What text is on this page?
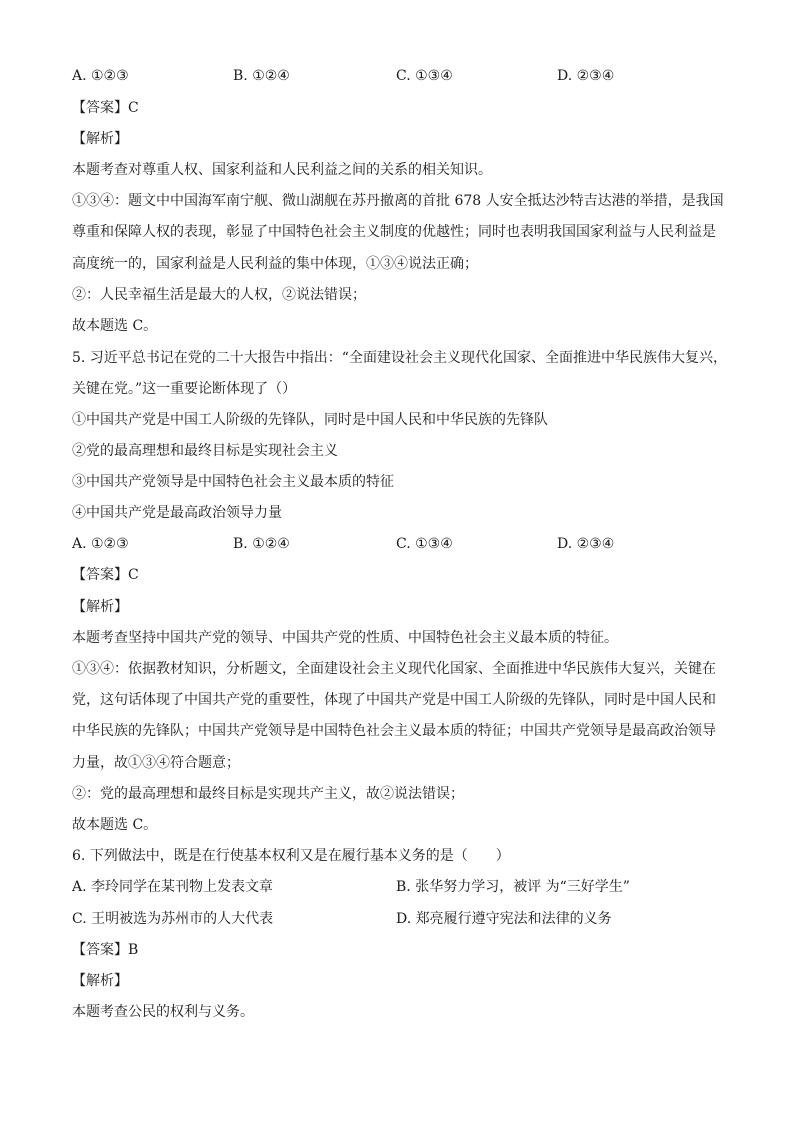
A. ①②③	B. ①②④	C. ①③④	D. ②③④
【答案】C
【解析】
本题考查对尊重人权、国家利益和人民利益之间的关系的相关知识。
①③④：题文中中国海军南宁舰、微山湖舰在苏丹撤离的首批 678 人安全抵达沙特吉达港的举措，是我国
尊重和保障人权的表现，彰显了中国特色社会主义制度的优越性；同时也表明我国国家利益与人民利益是
高度统一的，国家利益是人民利益的集中体现，①③④说法正确；
②：人民幸福生活是最大的人权，②说法错误；
故本题选 C。
5. 习近平总书记在党的二十大报告中指出：“全面建设社会主义现代化国家、全面推进中华民族伟大复兴，
关键在党。”这一重要论断体现了（）
①中国共产党是中国工人阶级的先锋队，同时是中国人民和中华民族的先锋队
②党的最高理想和最终目标是实现社会主义
③中国共产党领导是中国特色社会主义最本质的特征
④中国共产党是最高政治领导力量
A. ①②③	B. ①②④	C. ①③④	D. ②③④
【答案】C
【解析】
本题考查坚持中国共产党的领导、中国共产党的性质、中国特色社会主义最本质的特征。
①③④：依据教材知识，分析题文，全面建设社会主义现代化国家、全面推进中华民族伟大复兴，关键在
党，这句话体现了中国共产党的重要性，体现了中国共产党是中国工人阶级的先锋队，同时是中国人民和
中华民族的先锋队；中国共产党领导是中国特色社会主义最本质的特征；中国共产党领导是最高政治领导
力量，故①③④符合题意；
②：党的最高理想和最终目标是实现共产主义，故②说法错误；
故本题选 C。
6. 下列做法中，既是在行使基本权利又是在履行基本义务的是（　　）
A. 李玲同学在某刊物上发表文章	B. 张华努力学习，被评 为“三好学生”
C. 王明被选为苏州市的人大代表	D. 郑亮履行遵守宪法和法律的义务
【答案】B
【解析】
本题考查公民的权利与义务。
